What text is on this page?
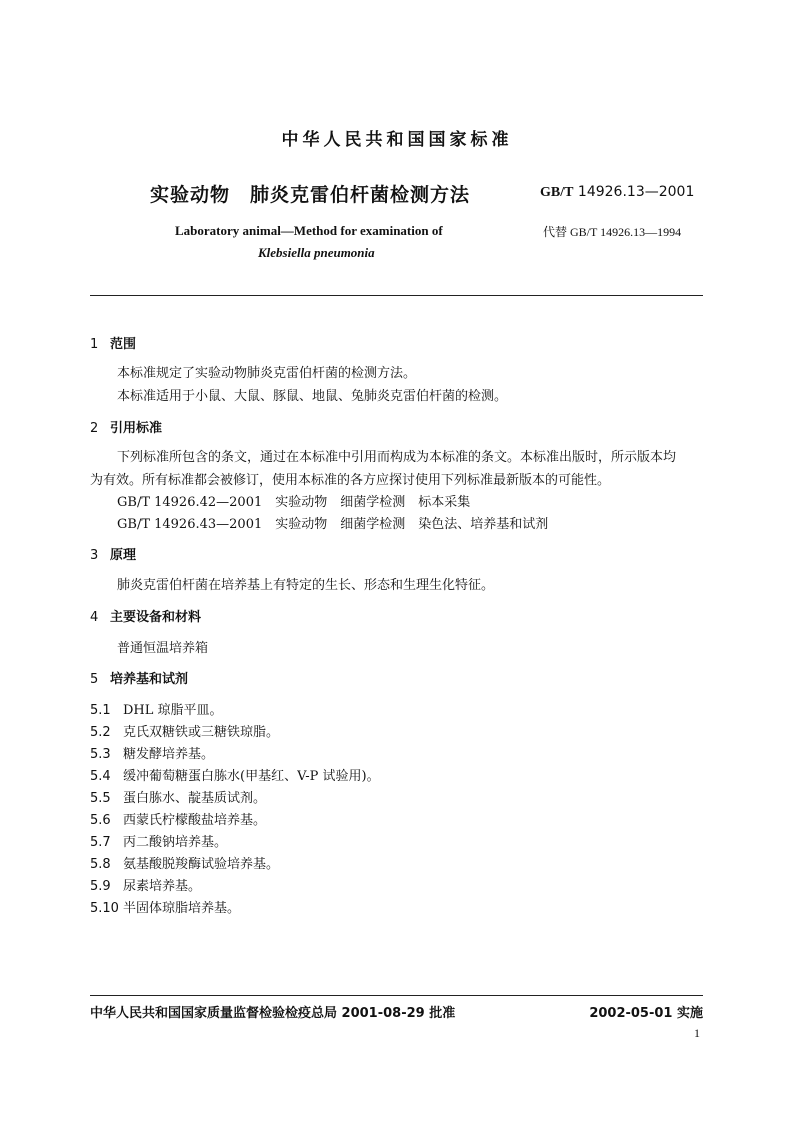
中华人民共和国国家标准
实验动物　肺炎克雷伯杆菌检测方法	GB/T 14926.13—2001
Laboratory animal—Method for examination of
Klebsiella pneumonia
代替 GB/T 14926.13—1994
1 范围
本标准规定了实验动物肺炎克雷伯杆菌的检测方法。
本标准适用于小鼠、大鼠、豚鼠、地鼠、兔肺炎克雷伯杆菌的检测。
2 引用标准
下列标准所包含的条文，通过在本标准中引用而构成为本标准的条文。本标准出版时，所示版本均
为有效。所有标准都会被修订，使用本标准的各方应探讨使用下列标准最新版本的可能性。
GB/T 14926.42—2001　实验动物　细菌学检测　标本采集
GB/T 14926.43—2001　实验动物　细菌学检测　染色法、培养基和试剂
3 原理
肺炎克雷伯杆菌在培养基上有特定的生长、形态和生理生化特征。
4 主要设备和材料
普通恒温培养箱
5 培养基和试剂
5.1 DHL 琼脂平皿。
5.2 克氏双糖铁或三糖铁琼脂。
5.3 糖发酵培养基。
5.4 缓冲葡萄糖蛋白胨水(甲基红、V-P 试验用)。
5.5 蛋白胨水、靛基质试剂。
5.6 西蒙氏柠檬酸盐培养基。
5.7 丙二酸钠培养基。
5.8 氨基酸脱羧酶试验培养基。
5.9 尿素培养基。
5.10 半固体琼脂培养基。
中华人民共和国国家质量监督检验检疫总局 2001-08-29 批准	2002-05-01 实施
1
